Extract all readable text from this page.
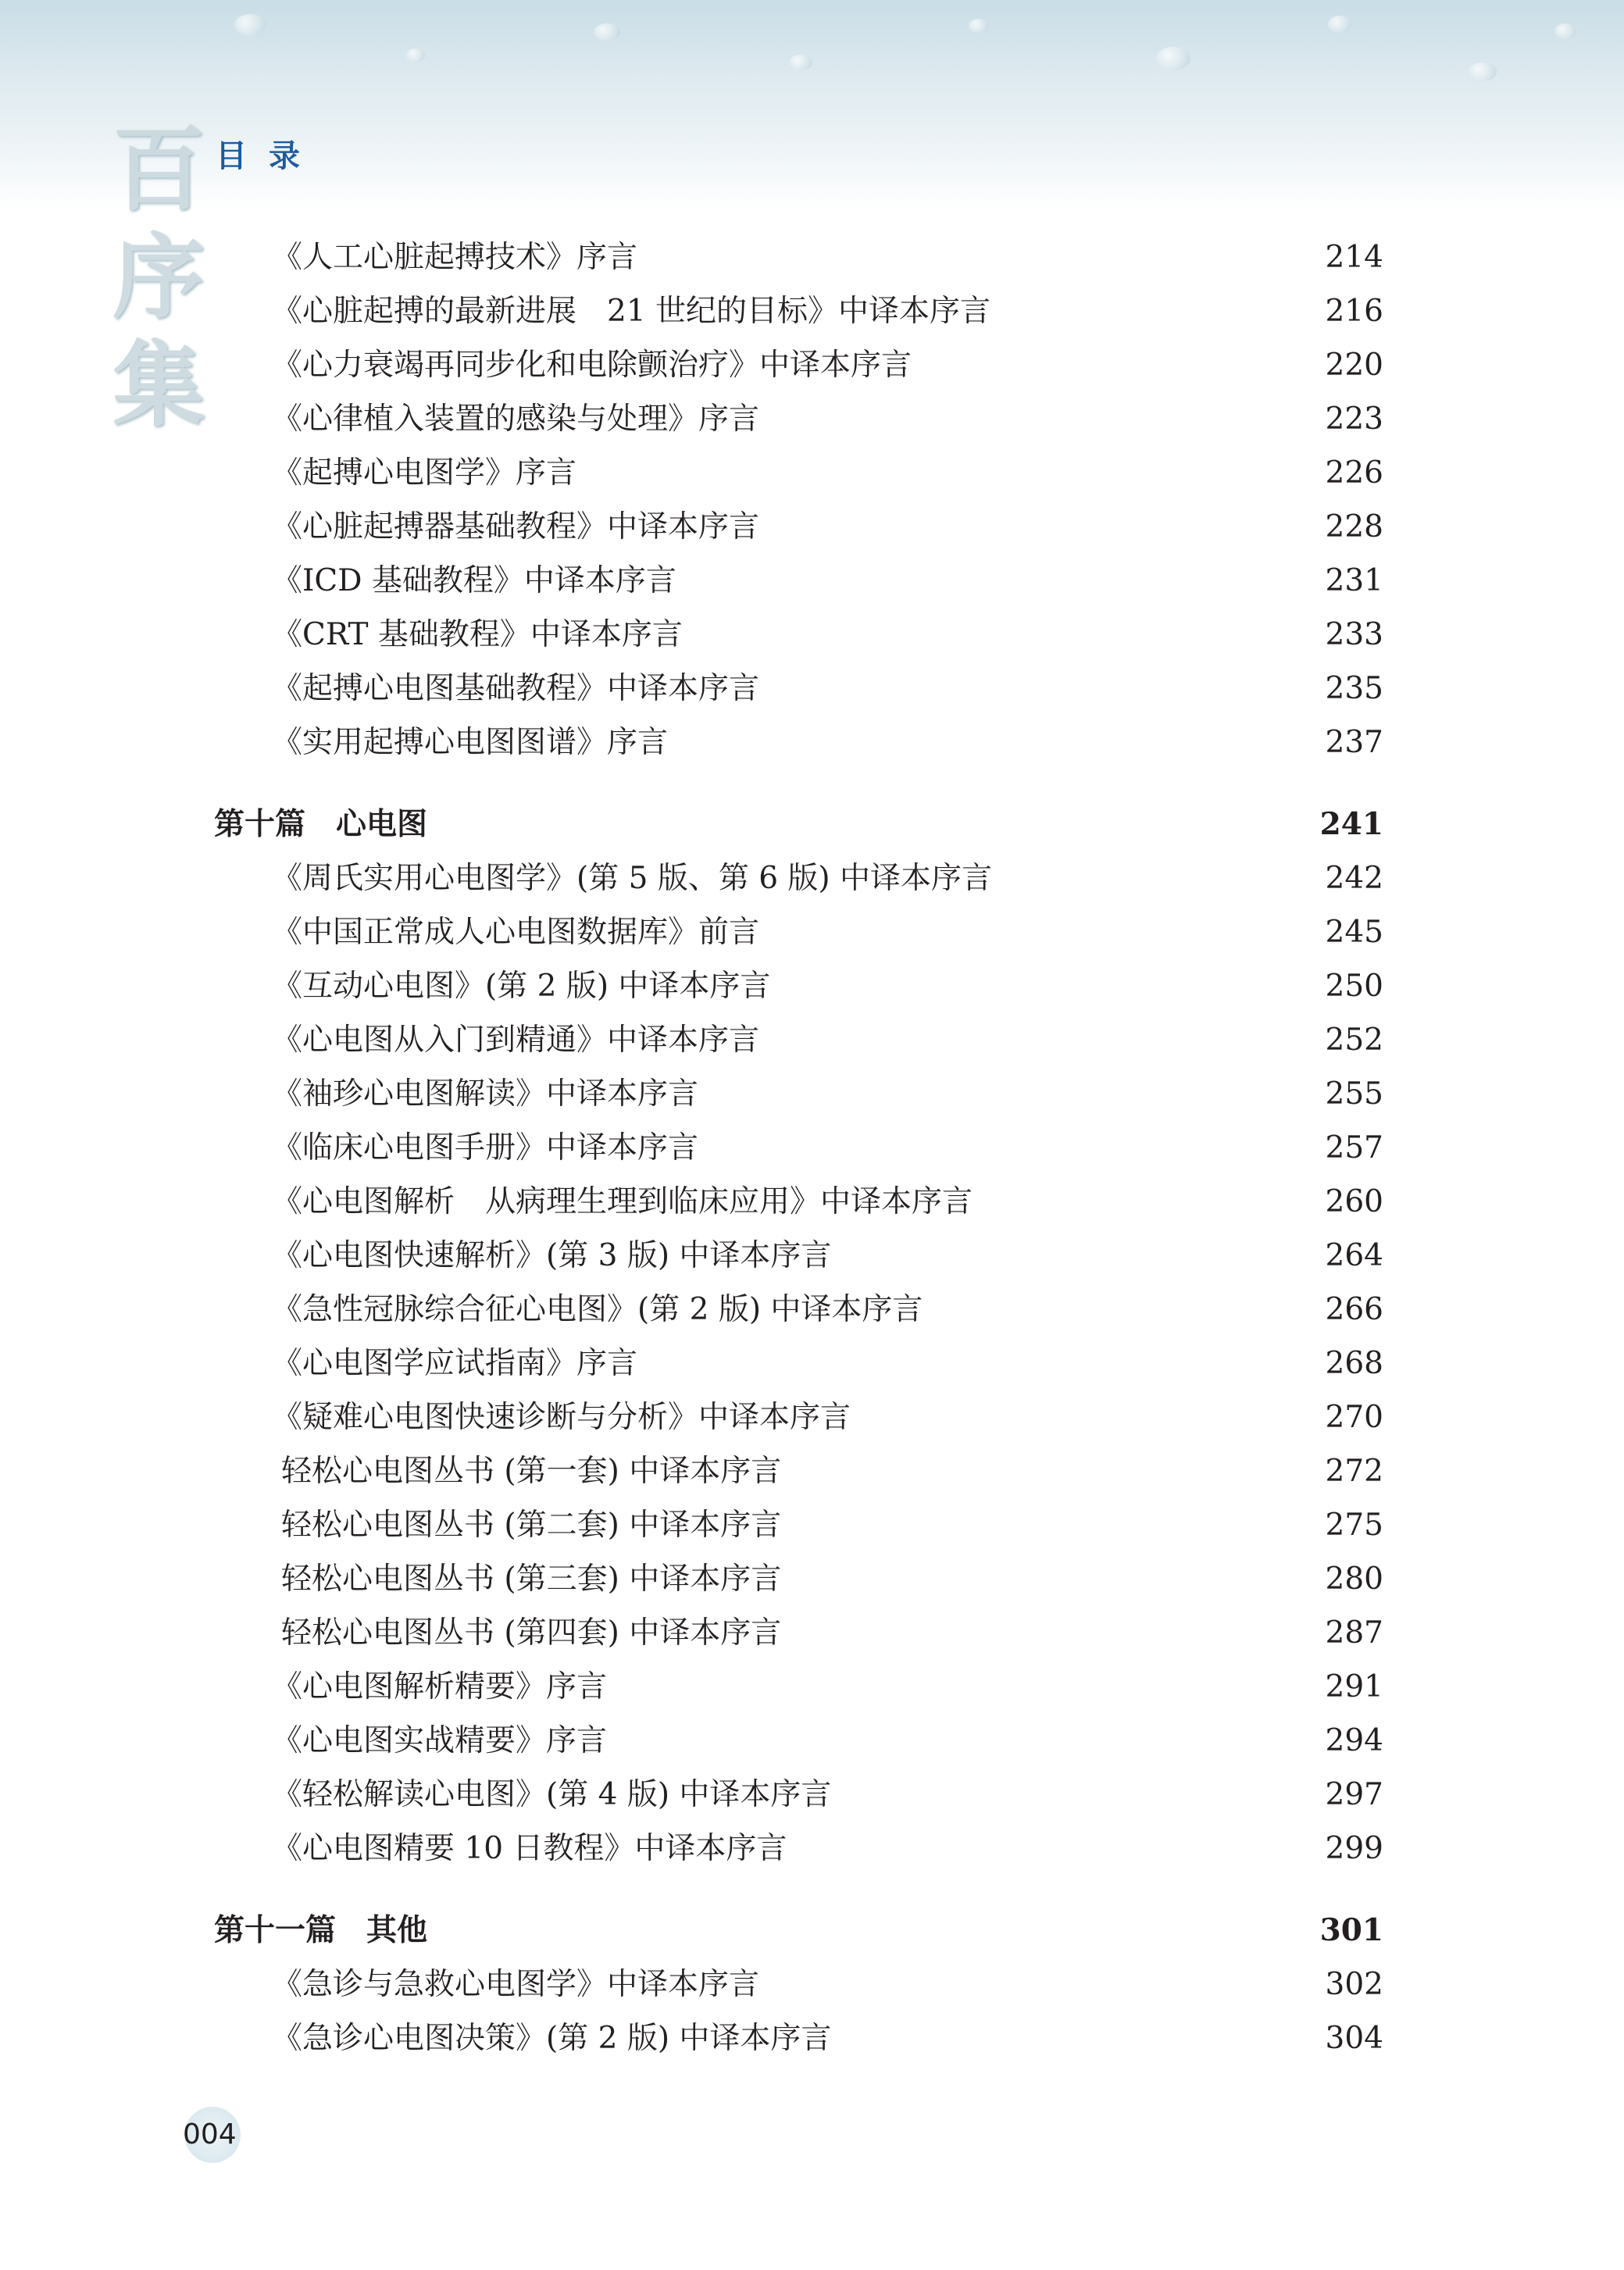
百
序
集
目录
《人工心脏起搏技术》序言	214
《心脏起搏的最新进展　21 世纪的目标》中译本序言	216
《心力衰竭再同步化和电除颤治疗》中译本序言	220
《心律植入装置的感染与处理》序言	223
《起搏心电图学》序言	226
《心脏起搏器基础教程》中译本序言	228
《ICD 基础教程》中译本序言	231
《CRT 基础教程》中译本序言	233
《起搏心电图基础教程》中译本序言	235
《实用起搏心电图图谱》序言	237
第十篇　心电图	241
《周氏实用心电图学》(第 5 版、第 6 版) 中译本序言	242
《中国正常成人心电图数据库》前言	245
《互动心电图》(第 2 版) 中译本序言	250
《心电图从入门到精通》中译本序言	252
《袖珍心电图解读》中译本序言	255
《临床心电图手册》中译本序言	257
《心电图解析　从病理生理到临床应用》中译本序言	260
《心电图快速解析》(第 3 版) 中译本序言	264
《急性冠脉综合征心电图》(第 2 版) 中译本序言	266
《心电图学应试指南》序言	268
《疑难心电图快速诊断与分析》中译本序言	270
轻松心电图丛书 (第一套) 中译本序言	272
轻松心电图丛书 (第二套) 中译本序言	275
轻松心电图丛书 (第三套) 中译本序言	280
轻松心电图丛书 (第四套) 中译本序言	287
《心电图解析精要》序言	291
《心电图实战精要》序言	294
《轻松解读心电图》(第 4 版) 中译本序言	297
《心电图精要 10 日教程》中译本序言	299
第十一篇　其他	301
《急诊与急救心电图学》中译本序言	302
《急诊心电图决策》(第 2 版) 中译本序言	304
004
